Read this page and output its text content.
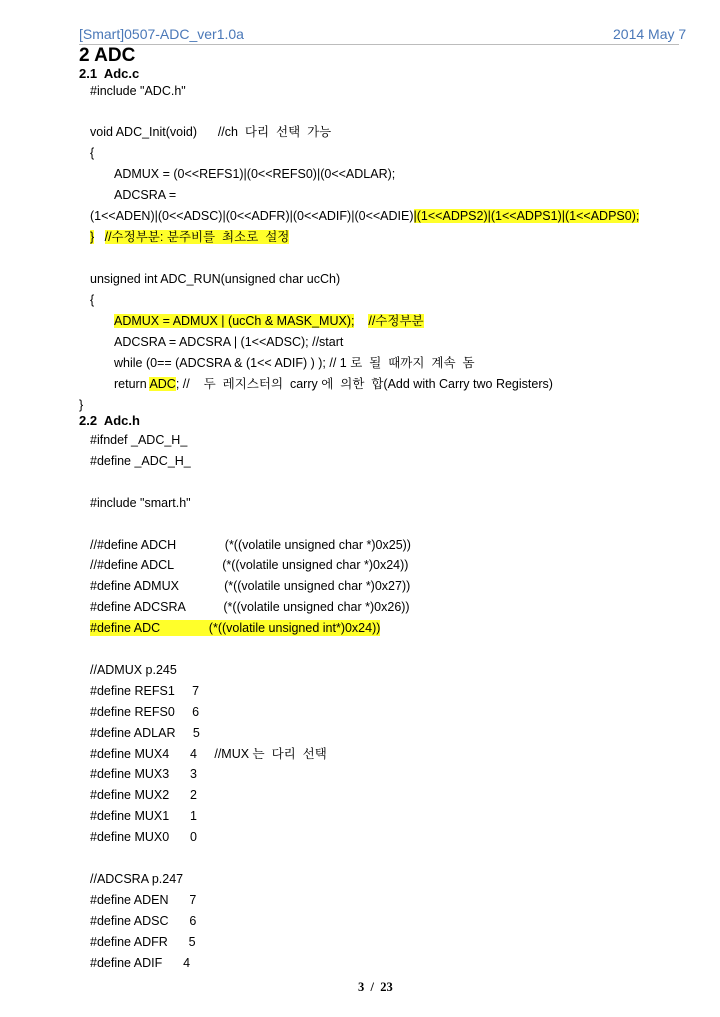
[Smart]0507-ADC_ver1.0a	2014 May 7
2 ADC
2.1  Adc.c
#include "ADC.h"
void ADC_Init(void)      //ch  다리  선택  가능
{
ADMUX = (0<<REFS1)|(0<<REFS0)|(0<<ADLAR);
ADCSRA =
(1<<ADEN)|(0<<ADSC)|(0<<ADFR)|(0<<ADIF)|(0<<ADIE)|(1<<ADPS2)|(1<<ADPS1)|(1<<ADPS0);
} //수정부분: 분주비를  최소로  설정
unsigned int ADC_RUN(unsigned char ucCh)
{
ADMUX = ADMUX | (ucCh & MASK_MUX); //수정부분
ADCSRA = ADCSRA | (1<<ADSC); //start
while (0== (ADCSRA & (1<< ADIF) ) ); // 1 로  될  때까지  계속  돔
return ADC; //    두  레지스터의  carry 에  의한  합(Add with Carry two Registers)
}
2.2  Adc.h
#ifndef _ADC_H_
#define _ADC_H_
#include "smart.h"
//#define ADCH              (*((volatile unsigned char *)0x25))
//#define ADCL              (*((volatile unsigned char *)0x24))
#define ADMUX             (*((volatile unsigned char *)0x27))
#define ADCSRA           (*((volatile unsigned char *)0x26))
#define ADC              (*((volatile unsigned int*)0x24))
//ADMUX p.245
#define REFS1     7
#define REFS0     6
#define ADLAR     5
#define MUX4      4     //MUX 는  다리  선택
#define MUX3      3
#define MUX2      2
#define MUX1      1
#define MUX0      0
//ADCSRA p.247
#define ADEN      7
#define ADSC      6
#define ADFR      5
#define ADIF      4
3  /  23
